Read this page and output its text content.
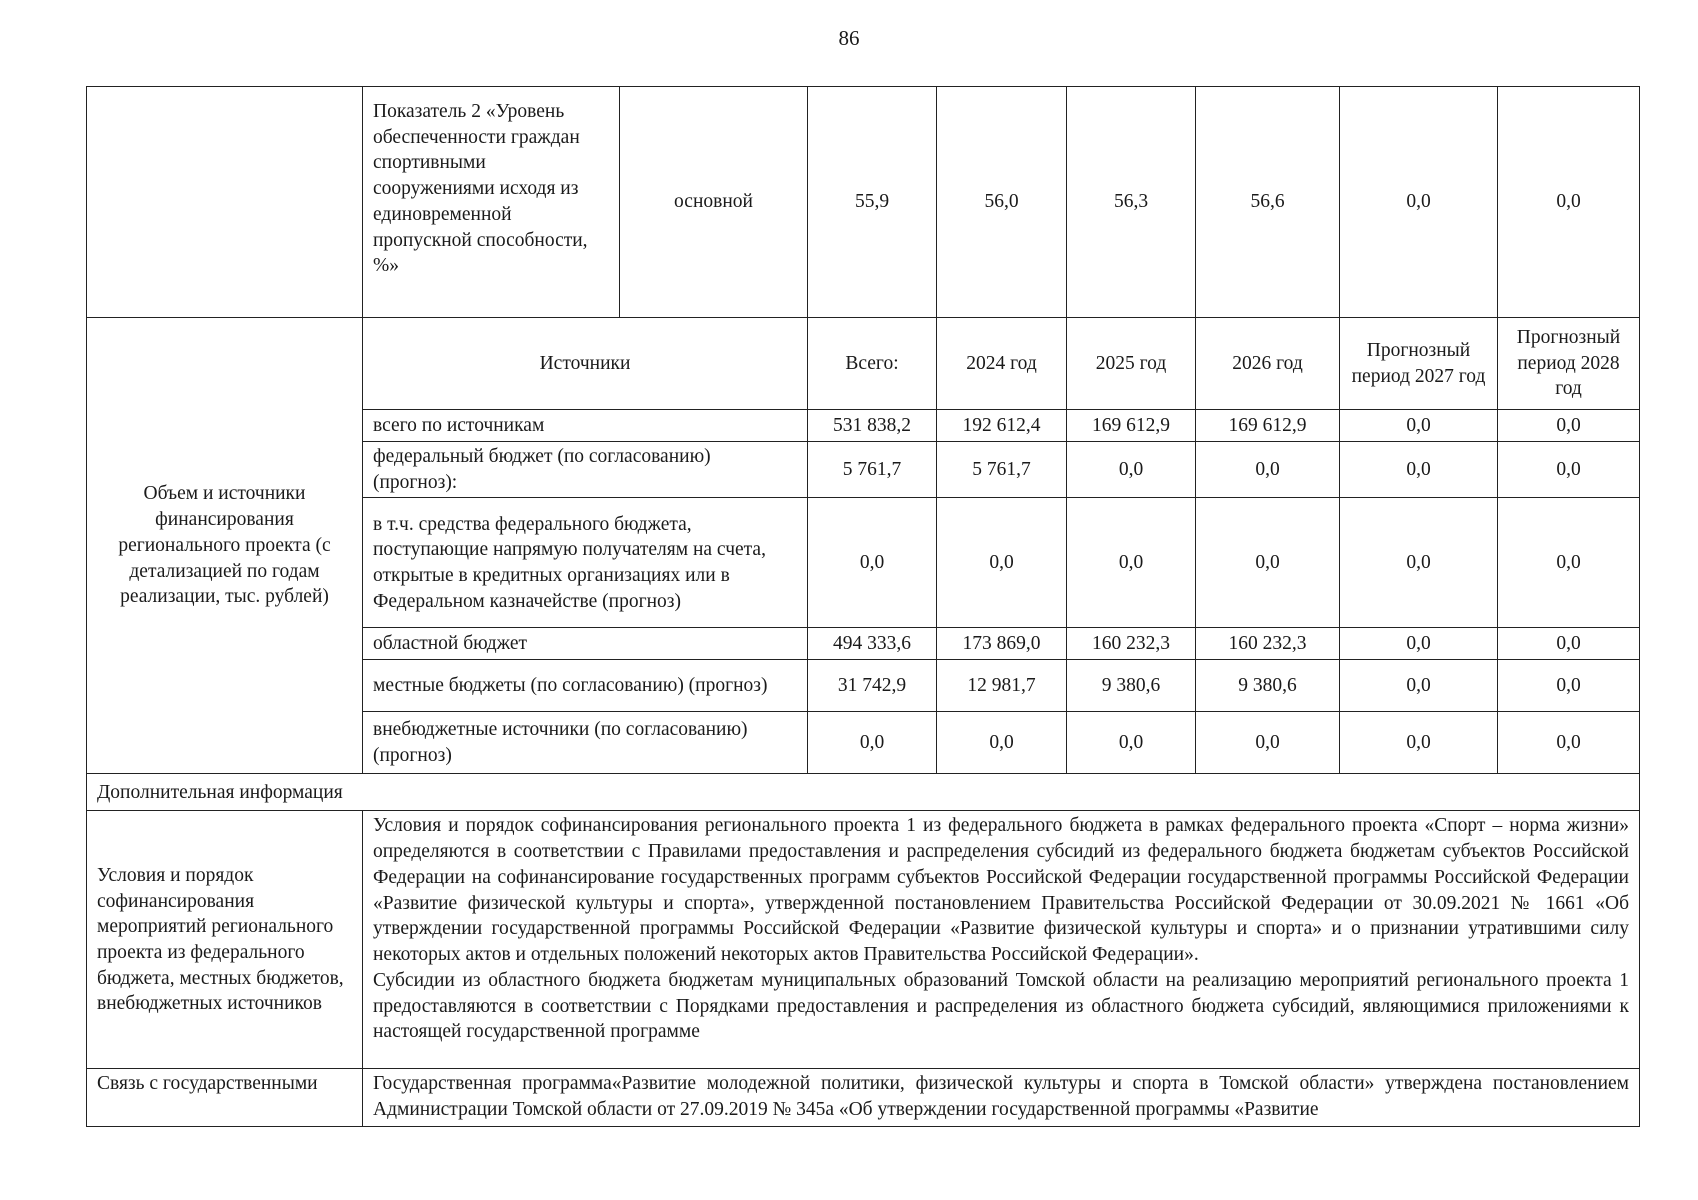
86
	Показатель 2 «Уровень обеспеченности граждан спортивными сооружениями исходя из единовременной пропускной способности, %»	основной	55,9	56,0	56,3	56,6	0,0	0,0
Объем и источники финансирования регионального проекта (с детализацией по годам реализации, тыс. рублей)	Источники		Всего:	2024 год	2025 год	2026 год	Прогнозный период 2027 год	Прогнозный период 2028 год
	всего по источникам		531 838,2	192 612,4	169 612,9	169 612,9	0,0	0,0
	федеральный бюджет (по согласованию) (прогноз):		5 761,7	5 761,7	0,0	0,0	0,0	0,0
	в т.ч. средства федерального бюджета, поступающие напрямую получателям на счета, открытые в кредитных организациях или в Федеральном казначействе (прогноз)		0,0	0,0	0,0	0,0	0,0	0,0
	областной бюджет		494 333,6	173 869,0	160 232,3	160 232,3	0,0	0,0
	местные бюджеты (по согласованию) (прогноз)		31 742,9	12 981,7	9 380,6	9 380,6	0,0	0,0
	внебюджетные источники (по согласованию) (прогноз)		0,0	0,0	0,0	0,0	0,0	0,0
Дополнительная информация								
Условия и порядок софинансирования мероприятий регионального проекта из федерального бюджета, местных бюджетов, внебюджетных источников	Условия и порядок софинансирования регионального проекта 1 из федерального бюджета в рамках федерального проекта «Спорт – норма жизни» определяются в соответствии с Правилами предоставления и распределения субсидий из федерального бюджета бюджетам субъектов Российской Федерации на софинансирование государственных программ субъектов Российской Федерации государственной программы Российской Федерации «Развитие физической культуры и спорта», утвержденной постановлением Правительства Российской Федерации от 30.09.2021 № 1661 «Об утверждении государственной программы Российской Федерации «Развитие физической культуры и спорта» и о признании утратившими силу некоторых актов и отдельных положений некоторых актов Правительства Российской Федерации».
Субсидии из областного бюджета бюджетам муниципальных образований Томской области на реализацию мероприятий регионального проекта 1 предоставляются в соответствии с Порядками предоставления и распределения из областного бюджета субсидий, являющимися приложениями к настоящей государственной программе							

Связь с государственными	Государственная программа«Развитие молодежной политики, физической культуры и спорта в Томской области» утверждена постановлением Администрации Томской области от 27.09.2019 № 345а «Об утверждении государственной программы «Развитие							
